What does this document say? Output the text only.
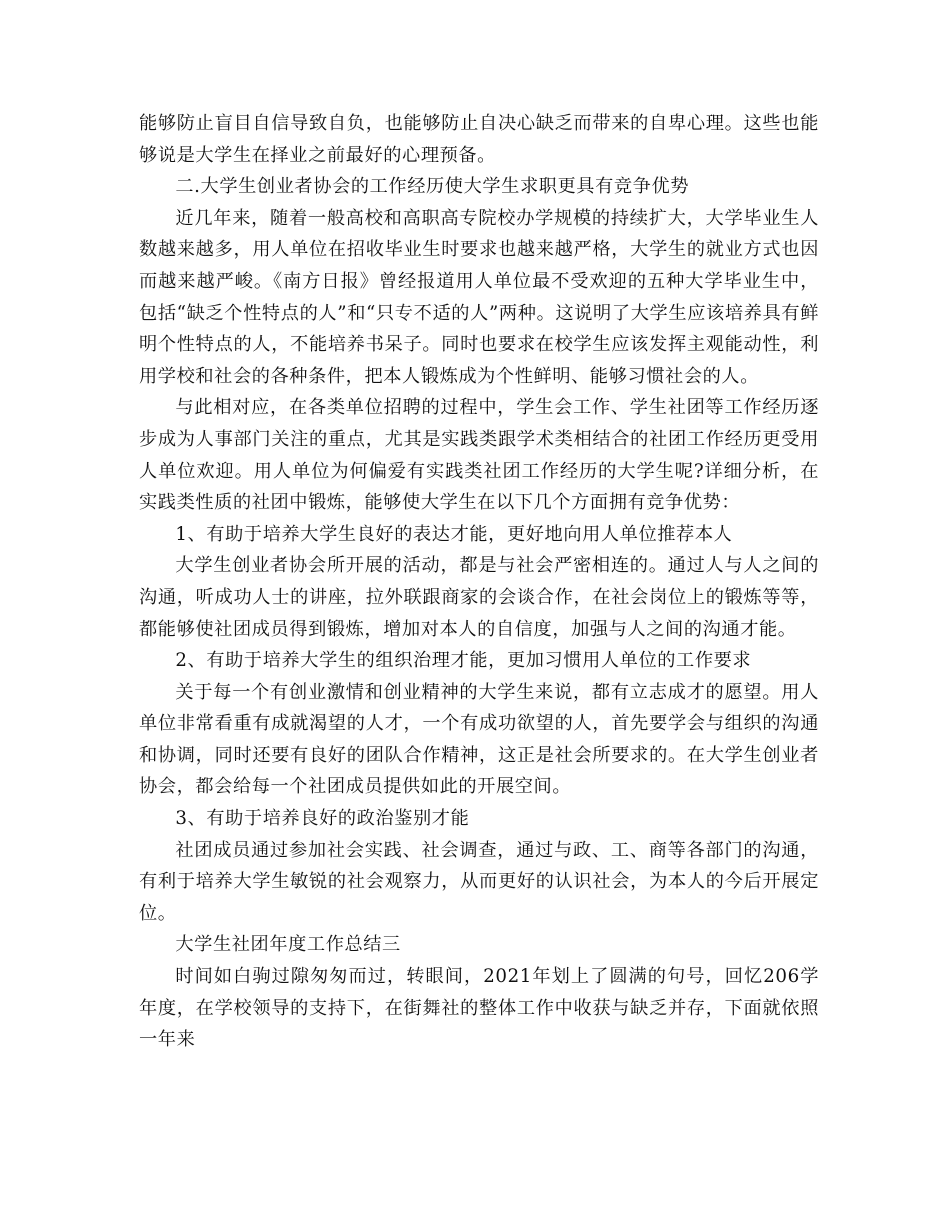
能够防止盲目自信导致自负，也能够防止自决心缺乏而带来的自卑心理。这些也能够说是大学生在择业之前最好的心理预备。

二.大学生创业者协会的工作经历使大学生求职更具有竞争优势

近几年来，随着一般高校和高职高专院校办学规模的持续扩大，大学毕业生人数越来越多，用人单位在招收毕业生时要求也越来越严格，大学生的就业方式也因而越来越严峻。《南方日报》曾经报道用人单位最不受欢迎的五种大学毕业生中，包括“缺乏个性特点的人”和“只专不适的人”两种。这说明了大学生应该培养具有鲜明个性特点的人，不能培养书呆子。同时也要求在校学生应该发挥主观能动性，利用学校和社会的各种条件，把本人锻炼成为个性鲜明、能够习惯社会的人。

与此相对应，在各类单位招聘的过程中，学生会工作、学生社团等工作经历逐步成为人事部门关注的重点，尤其是实践类跟学术类相结合的社团工作经历更受用人单位欢迎。用人单位为何偏爱有实践类社团工作经历的大学生呢?详细分析，在实践类性质的社团中锻炼，能够使大学生在以下几个方面拥有竞争优势：

1、有助于培养大学生良好的表达才能，更好地向用人单位推荐本人

大学生创业者协会所开展的活动，都是与社会严密相连的。通过人与人之间的沟通，听成功人士的讲座，拉外联跟商家的会谈合作，在社会岗位上的锻炼等等，都能够使社团成员得到锻炼，增加对本人的自信度，加强与人之间的沟通才能。

2、有助于培养大学生的组织治理才能，更加习惯用人单位的工作要求

关于每一个有创业激情和创业精神的大学生来说，都有立志成才的愿望。用人单位非常看重有成就渴望的人才，一个有成功欲望的人，首先要学会与组织的沟通和协调，同时还要有良好的团队合作精神，这正是社会所要求的。在大学生创业者协会，都会给每一个社团成员提供如此的开展空间。

3、有助于培养良好的政治鉴别才能

社团成员通过参加社会实践、社会调查，通过与政、工、商等各部门的沟通，有利于培养大学生敏锐的社会观察力，从而更好的认识社会，为本人的今后开展定位。

大学生社团年度工作总结三

时间如白驹过隙匆匆而过，转眼间，2021年划上了圆满的句号，回忆206学年度，在学校领导的支持下，在街舞社的整体工作中收获与缺乏并存，下面就依照一年来
